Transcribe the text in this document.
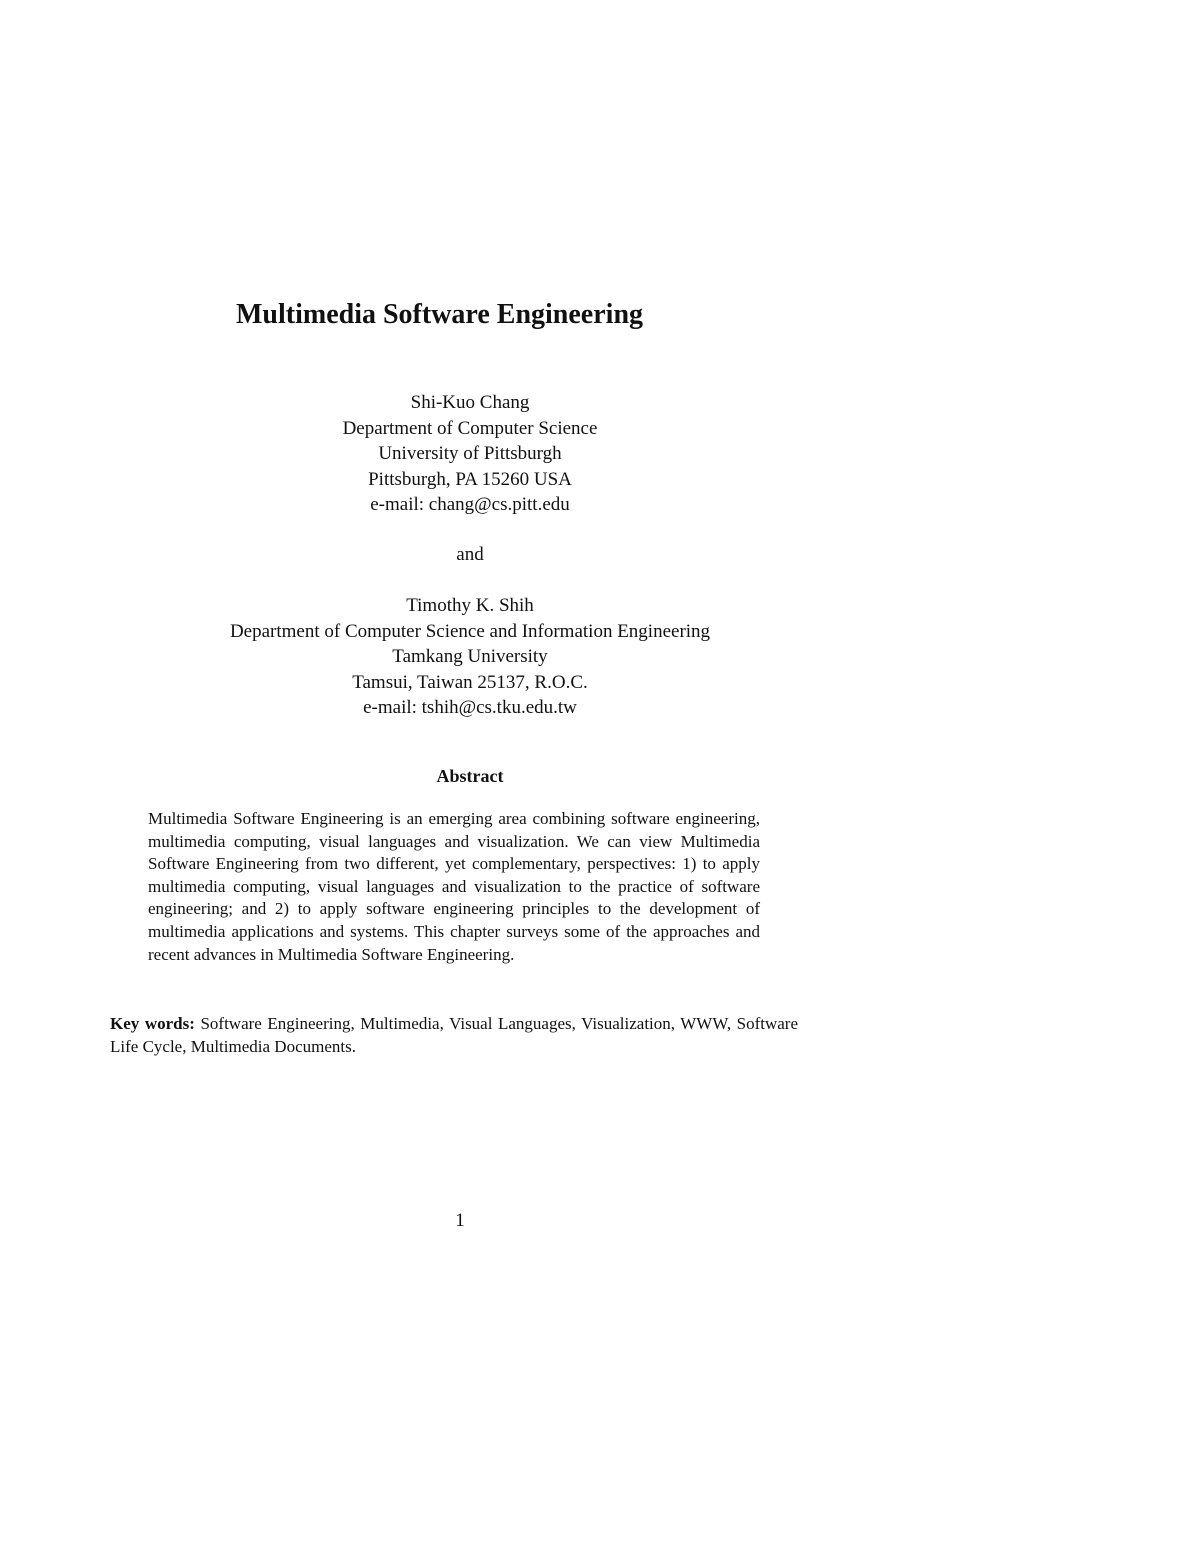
Multimedia Software Engineering
Shi-Kuo Chang
Department of Computer Science
University of Pittsburgh
Pittsburgh, PA 15260 USA
e-mail: chang@cs.pitt.edu
and
Timothy K. Shih
Department of Computer Science and Information Engineering
Tamkang University
Tamsui, Taiwan 25137, R.O.C.
e-mail: tshih@cs.tku.edu.tw
Abstract
Multimedia Software Engineering is an emerging area combining software engineering, multimedia computing, visual languages and visualization. We can view Multimedia Software Engineering from two different, yet complementary, perspectives: 1) to apply multimedia computing, visual languages and visualization to the practice of software engineering; and 2) to apply software engineering principles to the development of multimedia applications and systems. This chapter surveys some of the approaches and recent advances in Multimedia Software Engineering.
Key words: Software Engineering, Multimedia, Visual Languages, Visualization, WWW, Software Life Cycle, Multimedia Documents.
1
